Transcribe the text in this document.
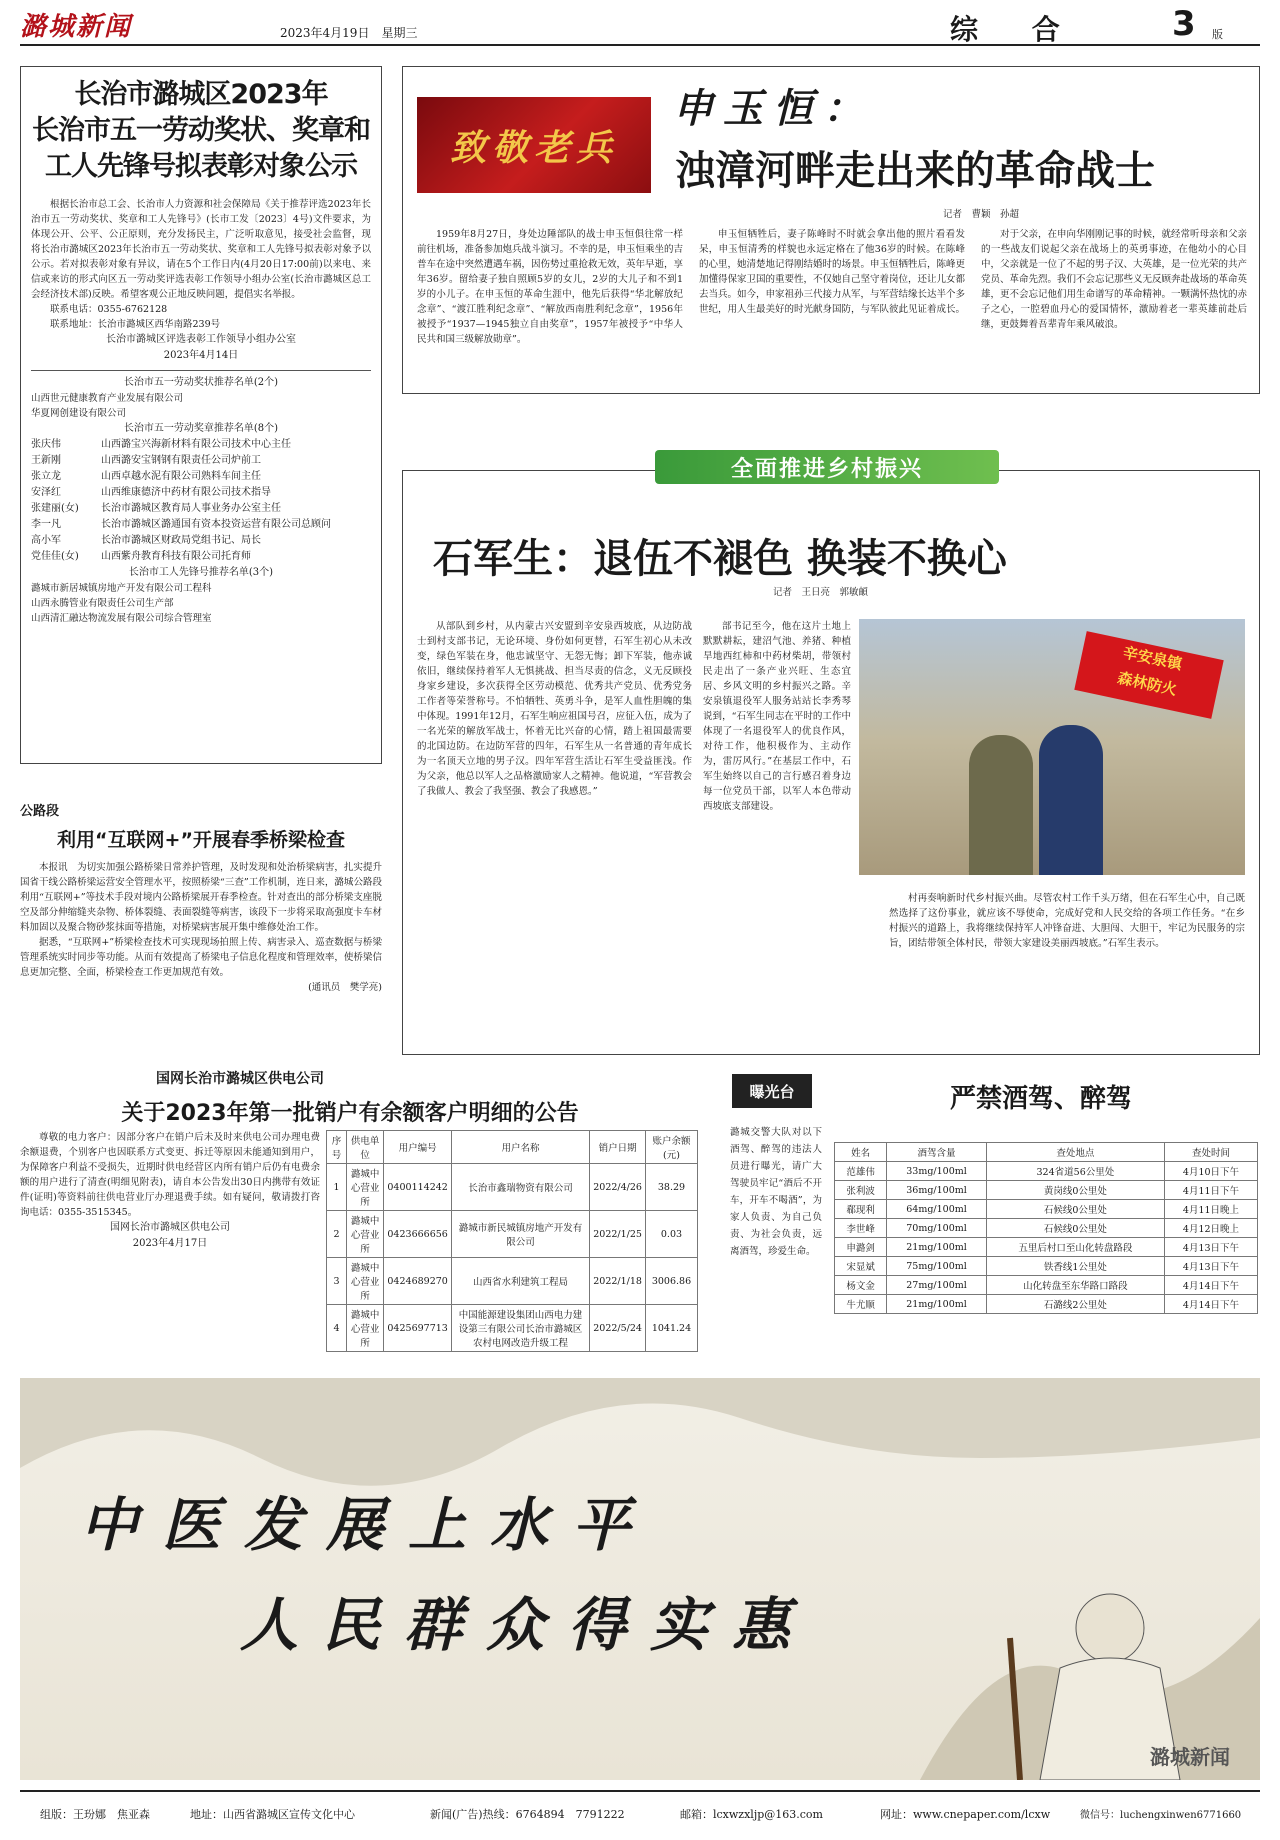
潞城新闻	2023年4月19日　星期三	综 合	3 版
长治市潞城区2023年
长治市五一劳动奖状、奖章和
工人先锋号拟表彰对象公示

根据长治市总工会、长治市人力资源和社会保障局《关于推荐评选2023年长治市五一劳动奖状、奖章和工人先锋号》(长市工发〔2023〕4号)文件要求，为体现公开、公平、公正原则，充分发扬民主，广泛听取意见，接受社会监督，现将长治市潞城区2023年长治市五一劳动奖状、奖章和工人先锋号拟表彰对象予以公示。若对拟表彰对象有异议，请在5个工作日内(4月20日17:00前)以来电、来信或来访的形式向区五一劳动奖评选表彰工作领导小组办公室(长治市潞城区总工会经济技术部)反映。希望客观公正地反映问题，提倡实名举报。

联系电话：0355-6762128
联系地址：长治市潞城区西华南路239号
长治市潞城区评选表彰工作领导小组办公室
2023年4月14日
长治市五一劳动奖状推荐名单(2个)
山西世元健康教育产业发展有限公司
华夏网创建设有限公司
长治市五一劳动奖章推荐名单(8个)
张庆伟	山西潞宝兴海新材料有限公司技术中心主任
王新刚	山西潞安宝钢钢有限责任公司炉前工
张立龙	山西卓越水泥有限公司熟料车间主任
安泽红	山西维康德济中药材有限公司技术指导
张建丽(女)	长治市潞城区教育局人事业务办公室主任
李一凡	长治市潞城区潞通国有资本投资运营有限公司总顾问
高小军	长治市潞城区财政局党组书记、局长
党佳佳(女)	山西紫舟教育科技有限公司托育师
长治市工人先锋号推荐名单(3个)
潞城市新居城镇房地产开发有限公司工程科
山西永腾管业有限责任公司生产部
山西清汇融达物流发展有限公司综合管理室
公路段
利用“互联网+”开展春季桥梁检查

本报讯　为切实加强公路桥梁日常养护管理，及时发现和处治桥梁病害，扎实提升国省干线公路桥梁运营安全管理水平，按照桥梁“三查”工作机制，连日来，潞城公路段利用“互联网+”等技术手段对境内公路桥梁展开春季检查。针对查出的部分桥梁支座脱空及部分伸缩缝夹杂物、桥体裂缝、表面裂缝等病害，该段下一步将采取高强度卡车材料加固以及聚合物砂浆抹面等措施，对桥梁病害展开集中维修处治工作。

据悉，“互联网+”桥梁检查技术可实现现场拍照上传、病害录入、巡查数据与桥梁管理系统实时同步等功能。从而有效提高了桥梁电子信息化程度和管理效率，使桥梁信息更加完整、全面，桥梁检查工作更加规范有效。

(通讯员　樊学亮)
致敬老兵
申玉恒：
浊漳河畔走出来的革命战士
记者　曹颖　孙超

1959年8月27日，身处边陲部队的战士申玉恒俱往常一样前往机场，准备参加炮兵战斗演习。不幸的是，申玉恒乘坐的吉普车在途中突然遭遇车祸，因伤势过重抢救无效，英年早逝，享年36岁。留给妻子独自照顾5岁的女儿，2岁的大儿子和不到1岁的小儿子。在申玉恒的革命生涯中，他先后获得“华北解放纪念章”、“渡江胜利纪念章”、“解放西南胜利纪念章”，1956年被授予“1937—1945独立自由奖章”，1957年被授予“中华人民共和国三级解放勋章”。

申玉恒牺牲后，妻子陈峰时不时就会拿出他的照片看看发呆，申玉恒清秀的样貌也永远定格在了他36岁的时候。在陈峰的心里，她清楚地记得刚结婚时的场景。申玉恒牺牲后，陈峰更加懂得保家卫国的重要性，不仅她自己坚守着岗位，还让儿女都去当兵。如今，申家祖孙三代接力从军，与军营结缘长达半个多世纪，用人生最美好的时光献身国防，与军队彼此见证着成长。

对于父亲，在申向华刚刚记事的时候，就经常听母亲和父亲的一些战友们说起父亲在战场上的英勇事迹，在他幼小的心目中，父亲就是一位了不起的男子汉、大英雄，是一位光荣的共产党员、革命先烈。我们不会忘记那些义无反顾奔赴战场的革命英雄，更不会忘记他们用生命谱写的革命精神。一颗满怀热忱的赤子之心，一腔碧血丹心的爱国情怀，激励着老一辈英雄前赴后继，更鼓舞着吾辈青年乘风破浪。

石军生：退伍不褪色 换装不换心
记者　王日亮　郭敏頔

从部队到乡村，从内蒙古兴安盟到辛安泉西坡底，从边防战士到村支部书记，无论环境、身份如何更替，石军生初心从未改变，绿色军装在身，他忠诚坚守、无怨无悔；卸下军装，他赤诚依旧，继续保持着军人无惧挑战、担当尽责的信念，义无反顾投身家乡建设，多次获得全区劳动模范、优秀共产党员、优秀党务工作者等荣誉称号。不怕牺牲、英勇斗争，是军人血性胆魄的集中体现。1991年12月，石军生响应祖国号召，应征入伍，成为了一名光荣的解放军战士，怀着无比兴奋的心情，踏上祖国最需要的北国边防。在边防军营的四年，石军生从一名普通的青年成长为一名顶天立地的男子汉。四年军营生活让石军生受益匪浅。作为父亲，他总以军人之品格激励家人之精神。他说道，“军营教会了我做人、教会了我坚强、教会了我感恩。”

部书记至今，他在这片土地上默默耕耘，建沼气池、养猪、种植旱地西红柿和中药材柴胡，带领村民走出了一条产业兴旺、生态宜居、乡风文明的乡村振兴之路。辛安泉镇退役军人服务站站长李秀琴说到，“石军生同志在平时的工作中体现了一名退役军人的优良作风，对待工作，他积极作为、主动作为，雷厉风行。”在基层工作中，石军生始终以自己的言行感召着身边每一位党员干部，以军人本色带动西坡底支部建设。

辛安泉镇
森林防火

村再奏响新时代乡村振兴曲。尽管农村工作千头万绪，但在石军生心中，自己既然选择了这份事业，就应该不辱使命，完成好党和人民交给的各项工作任务。“在乡村振兴的道路上，我将继续保持军人冲锋奋进、大胆闯、大胆干，牢记为民服务的宗旨，团结带领全体村民，带领大家建设美丽西坡底。”石军生表示。

全面推进乡村振兴
国网长治市潞城区供电公司
关于2023年第一批销户有余额客户明细的公告

尊敬的电力客户：因部分客户在销户后未及时来供电公司办理电费余额退费，个别客户也因联系方式变更、拆迁等原因未能通知到用户，为保障客户利益不受损失，近期时供电经营区内所有销户后仍有电费余额的用户进行了清查(明细见附表)，请自本公告发出30日内携带有效证件(证明)等资料前往供电营业厅办理退费手续。如有疑问，敬请拨打咨询电话：0355-3515345。

国网长治市潞城区供电公司
2023年4月17日
序号	供电单位	用户编号	用户名称	销户日期	账户余额(元)
1	潞城中心营业所	0400114242	长治市鑫瑞物资有限公司	2022/4/26	38.29
2	潞城中心营业所	0423666656	潞城市新民城镇房地产开发有限公司	2022/1/25	0.03
3	潞城中心营业所	0424689270	山西省水利建筑工程局	2022/1/18	3006.86
4	潞城中心营业所	0425697713	中国能源建设集团山西电力建设第三有限公司长治市潞城区农村电网改造升级工程	2022/5/24	1041.24
曝光台	严禁酒驾、醉驾

潞城交警大队对以下酒驾、醉驾的违法人员进行曝光，请广大驾驶员牢记“酒后不开车，开车不喝酒”，为家人负责、为自己负责、为社会负责，远离酒驾，珍爱生命。

姓名	酒驾含量	查处地点	查处时间
范雄伟	33mg/100ml	324省道56公里处	4月10日下午
张利波	36mg/100ml	黄岗线0公里处	4月11日下午
郗现利	64mg/100ml	石候线0公里处	4月11日晚上
李世峰	70mg/100ml	石候线0公里处	4月12日晚上
申潞剑	21mg/100ml	五里后村口至山化转盘路段	4月13日下午
宋显斌	75mg/100ml	铁香线1公里处	4月13日下午
杨文金	27mg/100ml	山化转盘至东华路口路段	4月14日下午
牛尤顺	21mg/100ml	石潞线2公里处	4月14日下午
中医发展上水平
人民群众得实惠
潞城新闻
组版：王玢娜　焦亚森	地址：山西省潞城区宣传文化中心	新闻(广告)热线：6764894　7791222	邮箱：lcxwzxljp@163.com	网址：www.cnepaper.com/lcxw	微信号：luchengxinwen6771660
